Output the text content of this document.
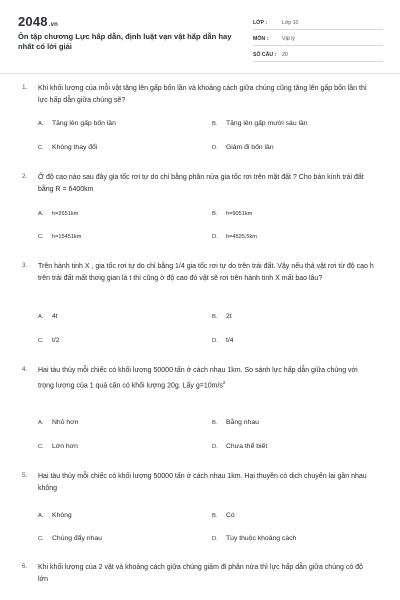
2048.vn
Ôn tập chương Lực hấp dẫn, định luật vạn vật hấp dẫn hay nhất có lời giải
LỚP :	Lớp 10
MÔN :	Vật lý
SỐ CÂU :	20
1. Khi khối lượng của mỗi vật tăng lên gấp bốn lần và khoảng cách giữa chúng cũng tăng lên gấp bốn lần thì lực hấp dẫn giữa chúng sẽ?
A.	Tăng lên gấp bốn lần	B.	Tăng lên gấp mười sáu lần
C.	Không thay đổi	D.	Giảm đi bốn lần
2. Ở độ cao nào sau đây gia tốc rơi tự do chỉ bằng phân nửa gia tốc rơi trên mặt đất ? Cho bán kính trái đất bằng R = 6400km
A.	h=2651km	B.	h=9051km
C.	h=15451km	D.	h=4525,5km
3. Trên hành tinh X , gia tốc rơi tự do chỉ bằng 1/4 gia tốc rơi tự do trên trái đất. Vậy nếu thả vật rơi từ độ cao h trên trái đất mất thơig gian là t thì cũng ở độ cao đó vật sẽ rơi trên hành tinh X mất bao lâu?
A.	4t	B.	2t
C.	t/2	D.	t/4
4. Hai tàu thủy mỗi chiếc có khối lượng 50000 tấn ở cách nhau 1km. So sánh lực hấp dẫn giữa chúng với trọng lượng của 1 quả cân có khối lượng 20g. Lấy $g=10m/s^2$
A.	Nhỏ hơn	B.	Bằng nhau
C.	Lớn hơn	D.	Chưa thể biết
5. Hai tàu thủy mỗi chiếc có khối lượng 50000 tấn ở cách nhau 1km. Hai thuyền có dịch chuyển lại gần nhau không
A.	Không	B.	Có
C.	Chúng đẩy nhau	D.	Tùy thuộc khoảng cách
6. Khi khối lượng của 2 vật và khoảng cách giữa chúng giảm đi phân nửa thì lực hấp dẫn giữa chúng có độ lớn
